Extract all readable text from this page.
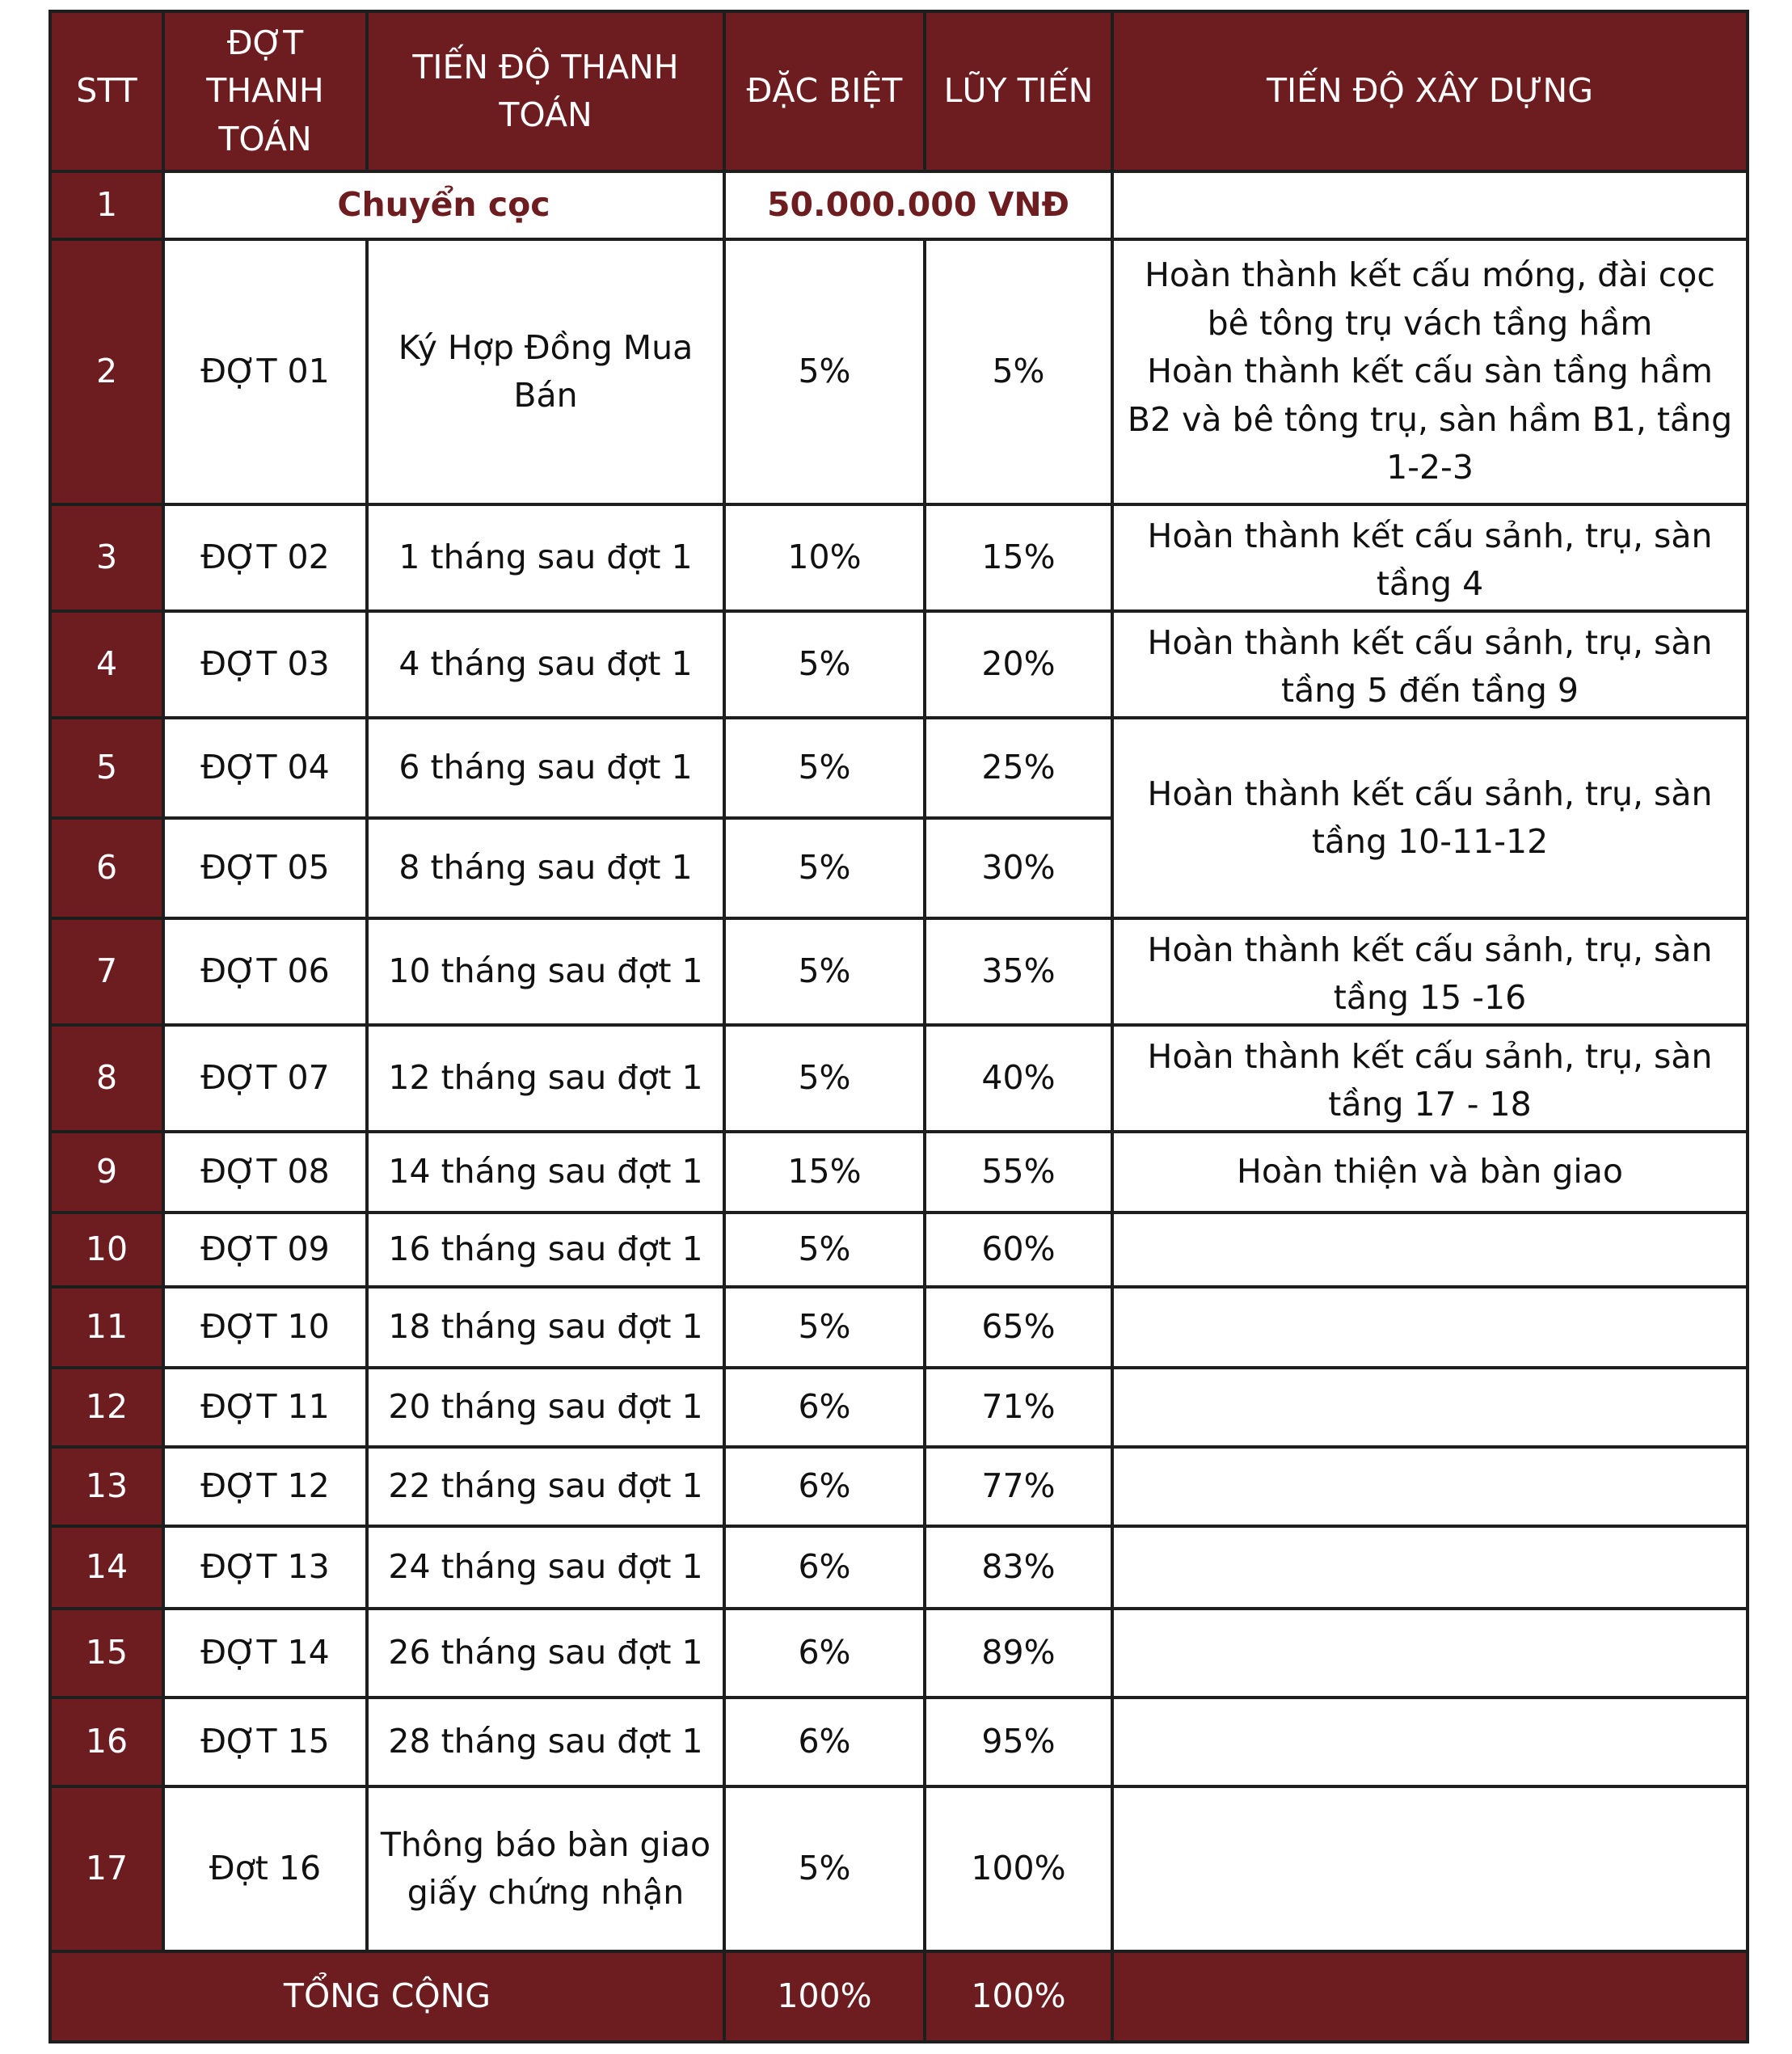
STT	ĐỢT THANH TOÁN	TIẾN ĐỘ THANH TOÁN	ĐẶC BIỆT	LŨY TIẾN	TIẾN ĐỘ XÂY DỰNG
1	Chuyển cọc		50.000.000 VNĐ		
2	ĐỢT 01	Ký Hợp Đồng Mua Bán	5%	5%	Hoàn thành kết cấu móng, đài cọc bê tông trụ vách tầng hầm
Hoàn thành kết cấu sàn tầng hầm B2 và bê tông trụ, sàn hầm B1, tầng 1-2-3

3	ĐỢT 02	1 tháng sau đợt 1	10%	15%	Hoàn thành kết cấu sảnh, trụ, sàn tầng 4
4	ĐỢT 03	4 tháng sau đợt 1	5%	20%	Hoàn thành kết cấu sảnh, trụ, sàn tầng 5 đến tầng 9
5	ĐỢT 04	6 tháng sau đợt 1	5%	25%	Hoàn thành kết cấu sảnh, trụ, sàn tầng 10-11-12
6	ĐỢT 05	8 tháng sau đợt 1	5%	30%	
7	ĐỢT 06	10 tháng sau đợt 1	5%	35%	Hoàn thành kết cấu sảnh, trụ, sàn tầng 15 -16
8	ĐỢT 07	12 tháng sau đợt 1	5%	40%	Hoàn thành kết cấu sảnh, trụ, sàn tầng 17 - 18
9	ĐỢT 08	14 tháng sau đợt 1	15%	55%	Hoàn thiện và bàn giao
10	ĐỢT 09	16 tháng sau đợt 1	5%	60%	
11	ĐỢT 10	18 tháng sau đợt 1	5%	65%	
12	ĐỢT 11	20 tháng sau đợt 1	6%	71%	
13	ĐỢT 12	22 tháng sau đợt 1	6%	77%	
14	ĐỢT 13	24 tháng sau đợt 1	6%	83%	
15	ĐỢT 14	26 tháng sau đợt 1	6%	89%	
16	ĐỢT 15	28 tháng sau đợt 1	6%	95%	
17	Đợt 16	Thông báo bàn giao giấy chứng nhận	5%	100%	
TỔNG CỘNG			100%	100%	
